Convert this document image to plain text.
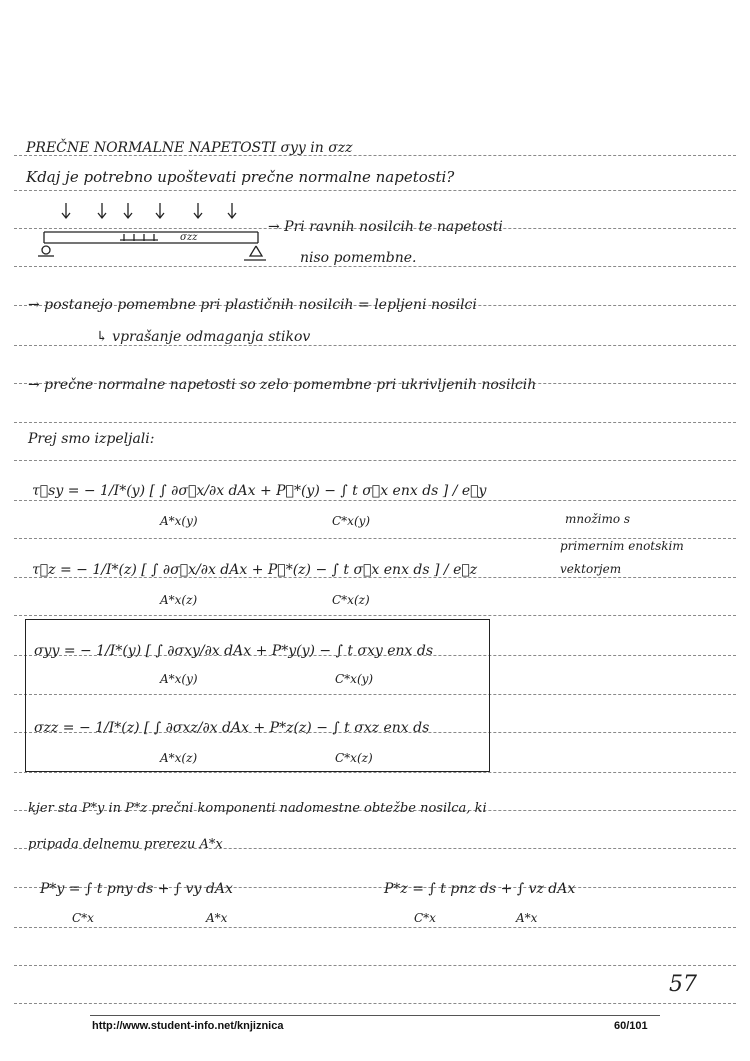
PREČNE NORMALNE NAPETOSTI σyy in σzz
Kdaj je potrebno upoštevati prečne normalne napetosti?
σzz
→ Pri ravnih nosilcih te napetosti
niso pomembne.
→ postanejo pomembne pri plastičnih nosilcih = lepljeni nosilci
↳ vprašanje odmaganja stikov
→ prečne normalne napetosti so zelo pomembne pri ukrivljenih nosilcih
Prej smo izpeljali:
τ⃗sy = − 1/I*(y) [ ∫ ∂σ⃗x/∂x dAx + P⃗*(y) − ∫ t σ⃗x enx ds ] / e⃗y
A*x(y)	C*x(y)	množimo s
primernim enotskim
vektorjem
τ⃗z = − 1/I*(z) [ ∫ ∂σ⃗x/∂x dAx + P⃗*(z) − ∫ t σ⃗x enx ds ] / e⃗z
A*x(z)	C*x(z)
σyy = − 1/I*(y) [ ∫ ∂σxy/∂x dAx + P*y(y) − ∫ t σxy enx ds
A*x(y)	C*x(y)
σzz = − 1/I*(z) [ ∫ ∂σxz/∂x dAx + P*z(z) − ∫ t σxz enx ds
A*x(z)	C*x(z)
kjer sta P*y in P*z prečni komponenti nadomestne obtežbe nosilca, ki
pripada delnemu prerezu A*x
P*y = ∫ t pny ds + ∫ vy dAx
C*x	A*x
P*z = ∫ t pnz ds + ∫ vz dAx
C*x	A*x
57
http://www.student-info.net/knjiznica	60/101
